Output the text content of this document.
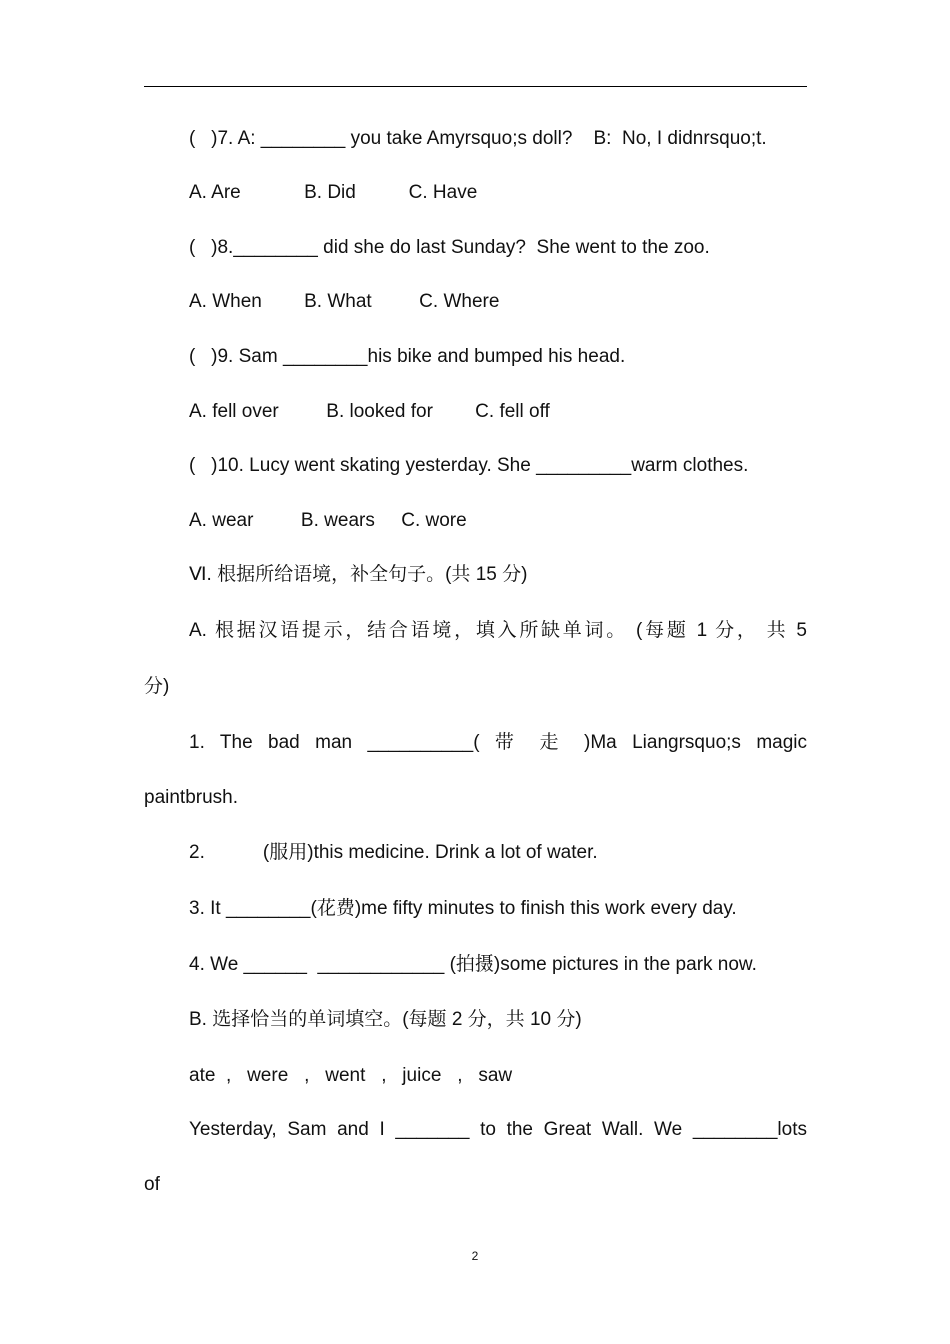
(   )7. A: ________ you take Amyrsquo;s doll?    B:  No, I didnrsquo;t.
A. Are            B. Did          C. Have
(   )8.________ did she do last Sunday?  She went to the zoo.
A. When        B. What         C. Where
(   )9. Sam ________his bike and bumped his head.
A. fell over         B. looked for        C. fell off
(   )10. Lucy went skating yesterday. She _________warm clothes.
A. wear         B. wears     C. wore
Ⅵ. 根据所给语境，补全句子。(共 15 分)
A. 根据汉语提示，结合语境，填入所缺单词。 (每题 1 分， 共 5
分)
1. The bad man __________( 带 走 )Ma Liangrsquo;s magic
paintbrush.
2.           (服用)this medicine. Drink a lot of water.
3. It ________(花费)me fifty minutes to finish this work every day.
4. We ______  ____________ (拍摄)some pictures in the park now.
B. 选择恰当的单词填空。(每题 2 分，共 10 分)
ate  ,   were   ,   went   ,   juice   ,   saw
Yesterday, Sam and I _______ to the Great Wall. We ________lots
of
2
